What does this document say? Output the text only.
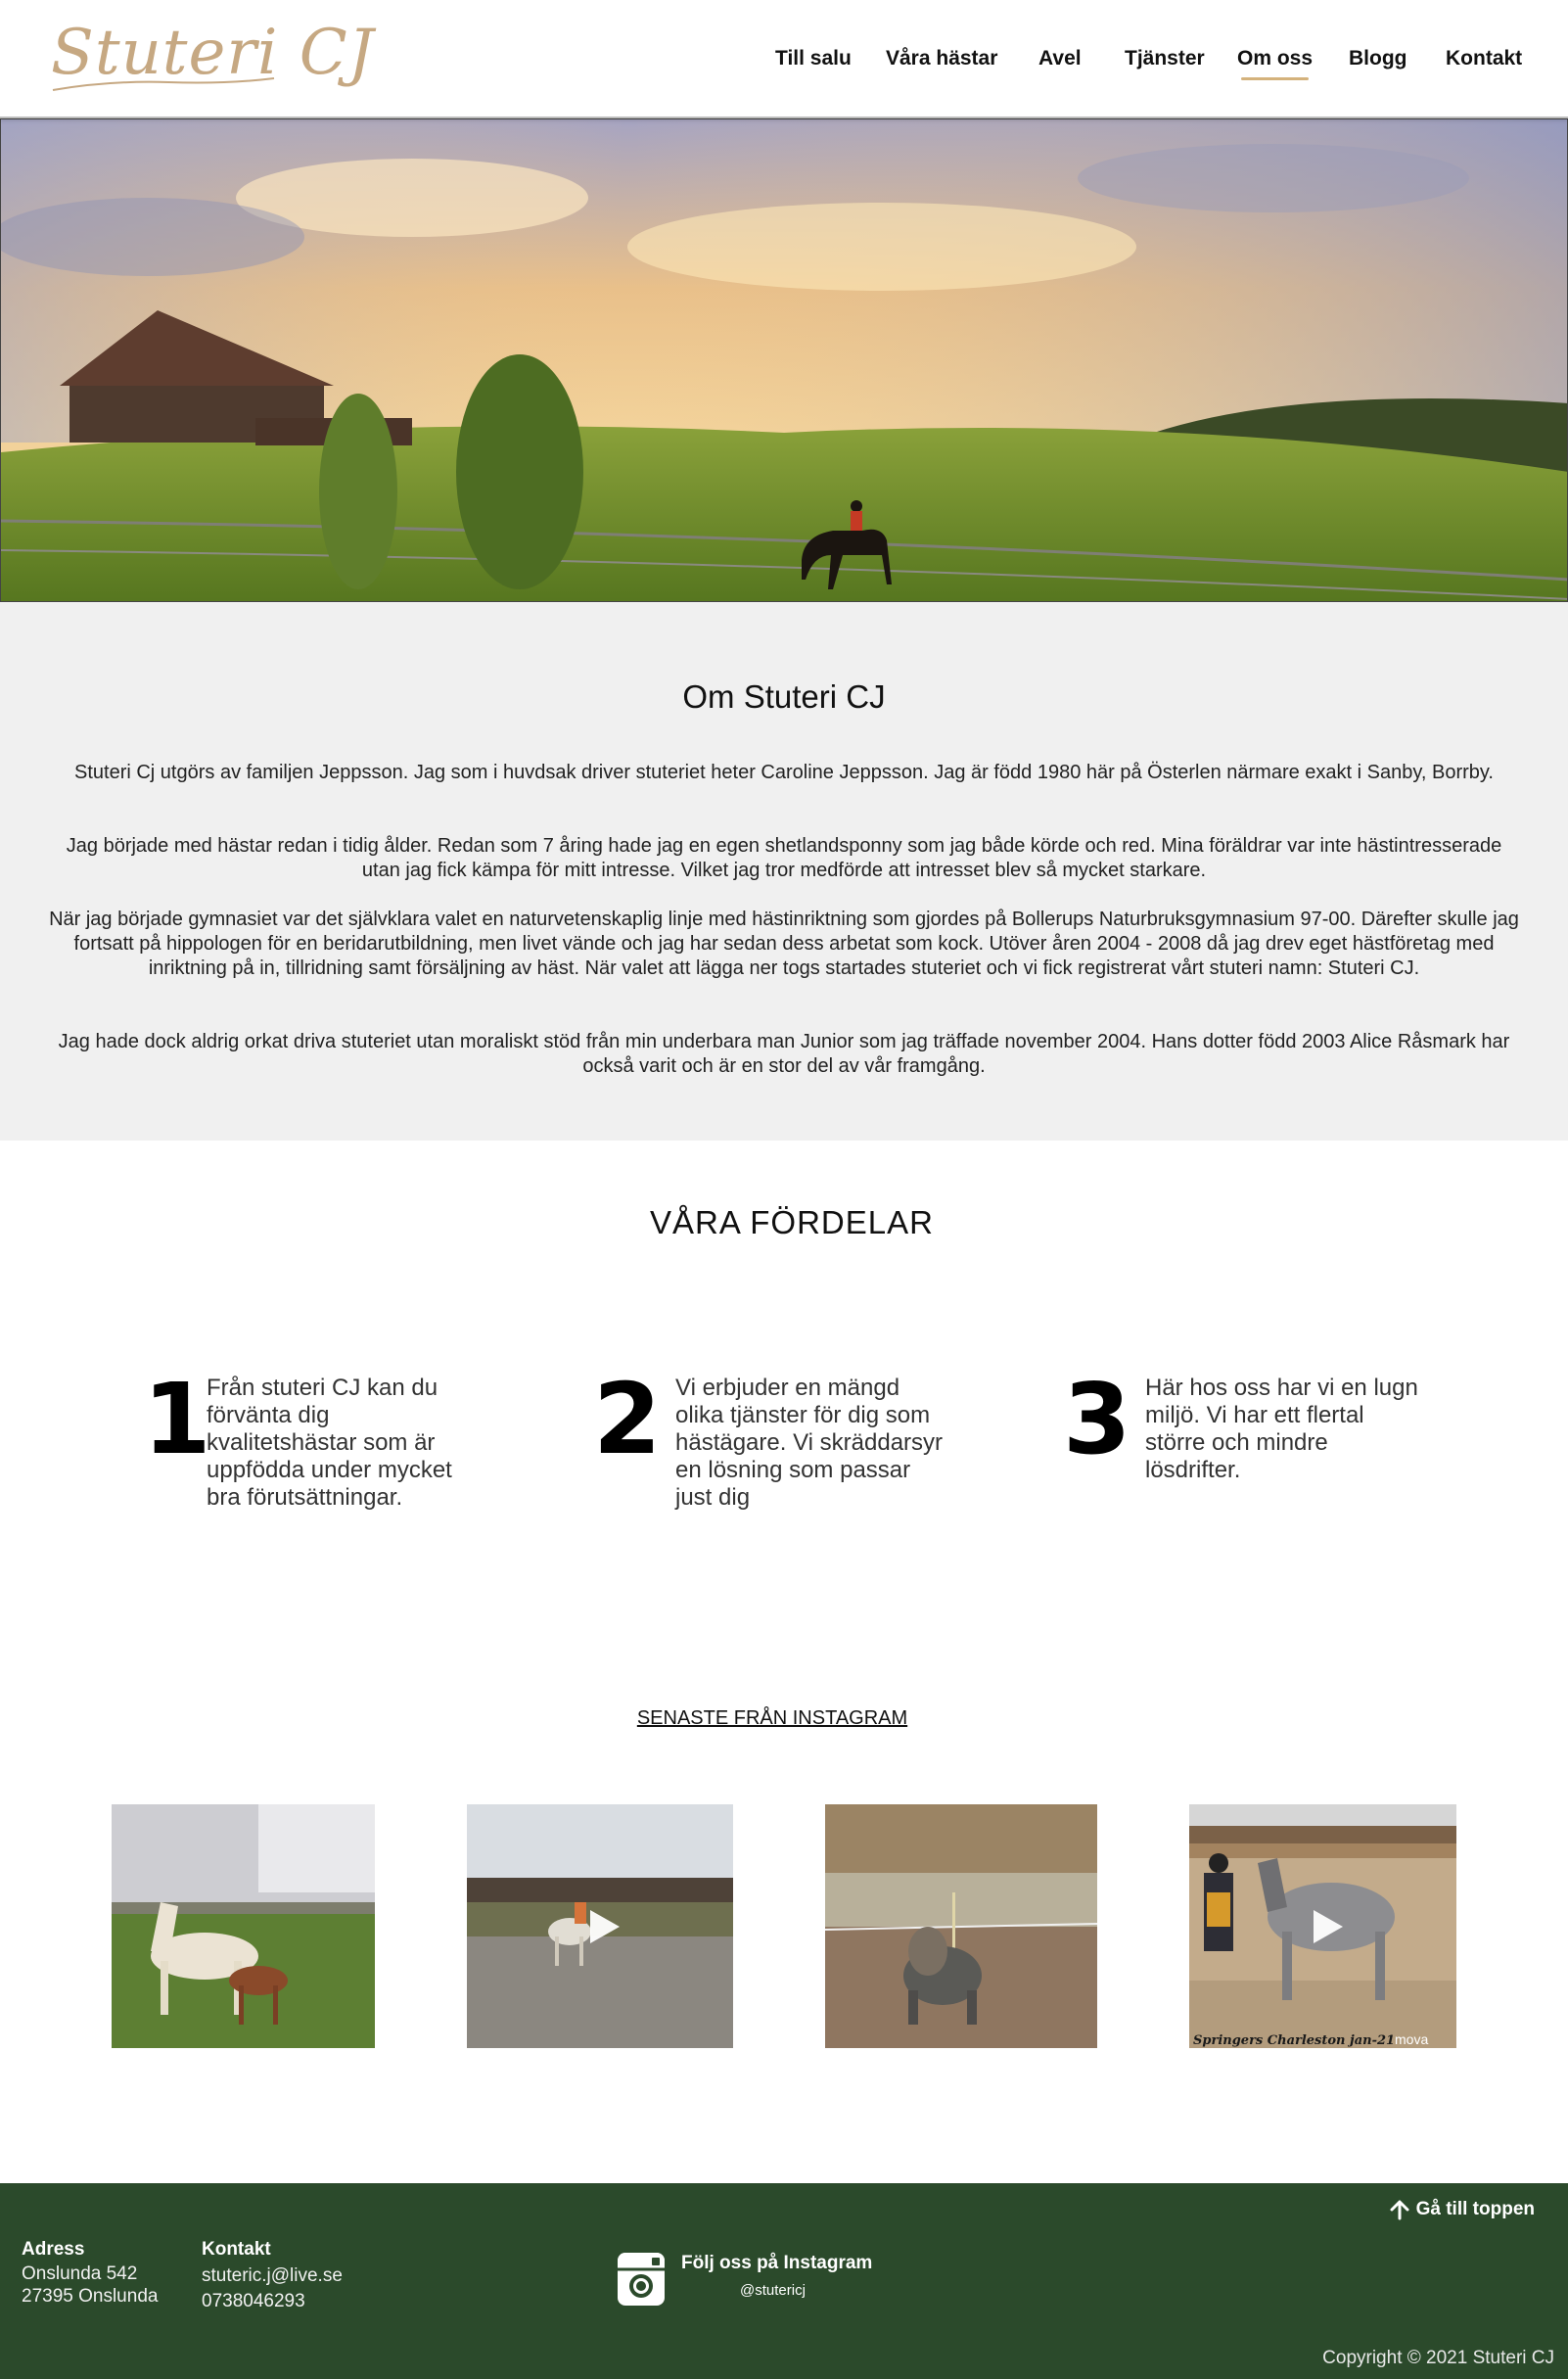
Stuteri CJ	Till salu Våra hästar Avel Tjänster Om oss Blogg Kontakt
Om Stuteri CJ
Stuteri Cj utgörs av familjen Jeppsson. Jag som i huvdsak driver stuteriet heter Caroline Jeppsson. Jag är född 1980 här på Österlen närmare exakt i Sanby, Borrby.
Jag började med hästar redan i tidig ålder. Redan som 7 åring hade jag en egen shetlandsponny som jag både körde och red. Mina föräldrar var inte hästintresserade utan jag fick kämpa för mitt intresse. Vilket jag tror medförde att intresset blev så mycket starkare.
När jag började gymnasiet var det självklara valet en naturvetenskaplig linje med hästinriktning som gjordes på Bollerups Naturbruksgymnasium 97-00. Därefter skulle jag fortsatt på hippologen för en beridarutbildning, men livet vände och jag har sedan dess arbetat som kock. Utöver åren 2004 - 2008 då jag drev eget hästföretag med inriktning på in, tillridning samt försäljning av häst. När valet att lägga ner togs startades stuteriet och vi fick registrerat vårt stuteri namn: Stuteri CJ.
Jag hade dock aldrig orkat driva stuteriet utan moraliskt stöd från min underbara man Junior som jag träffade november 2004. Hans dotter född 2003 Alice Råsmark har också varit och är en stor del av vår framgång.
VÅRA FÖRDELAR
1
Från stuteri CJ kan du
förvänta dig
kvalitetshästar som är
uppfödda under mycket
bra förutsättningar.
2 Vi erbjuder en mängd
olika tjänster för dig som
hästägare. Vi skräddarsyr
en lösning som passar
just dig
3 Här hos oss har vi en lugn
miljö. Vi har ett flertal
större och mindre
lösdrifter.
SENASTE FRÅN INSTAGRAM
Springers Charleston jan-21 mova
Gå till toppen
Adress
Onslunda 542
27395 Onslunda
Kontakt
stuteric.j@live.se
0738046293
Följ oss på Instagram
@stutericj
Copyright © 2021 Stuteri CJ
